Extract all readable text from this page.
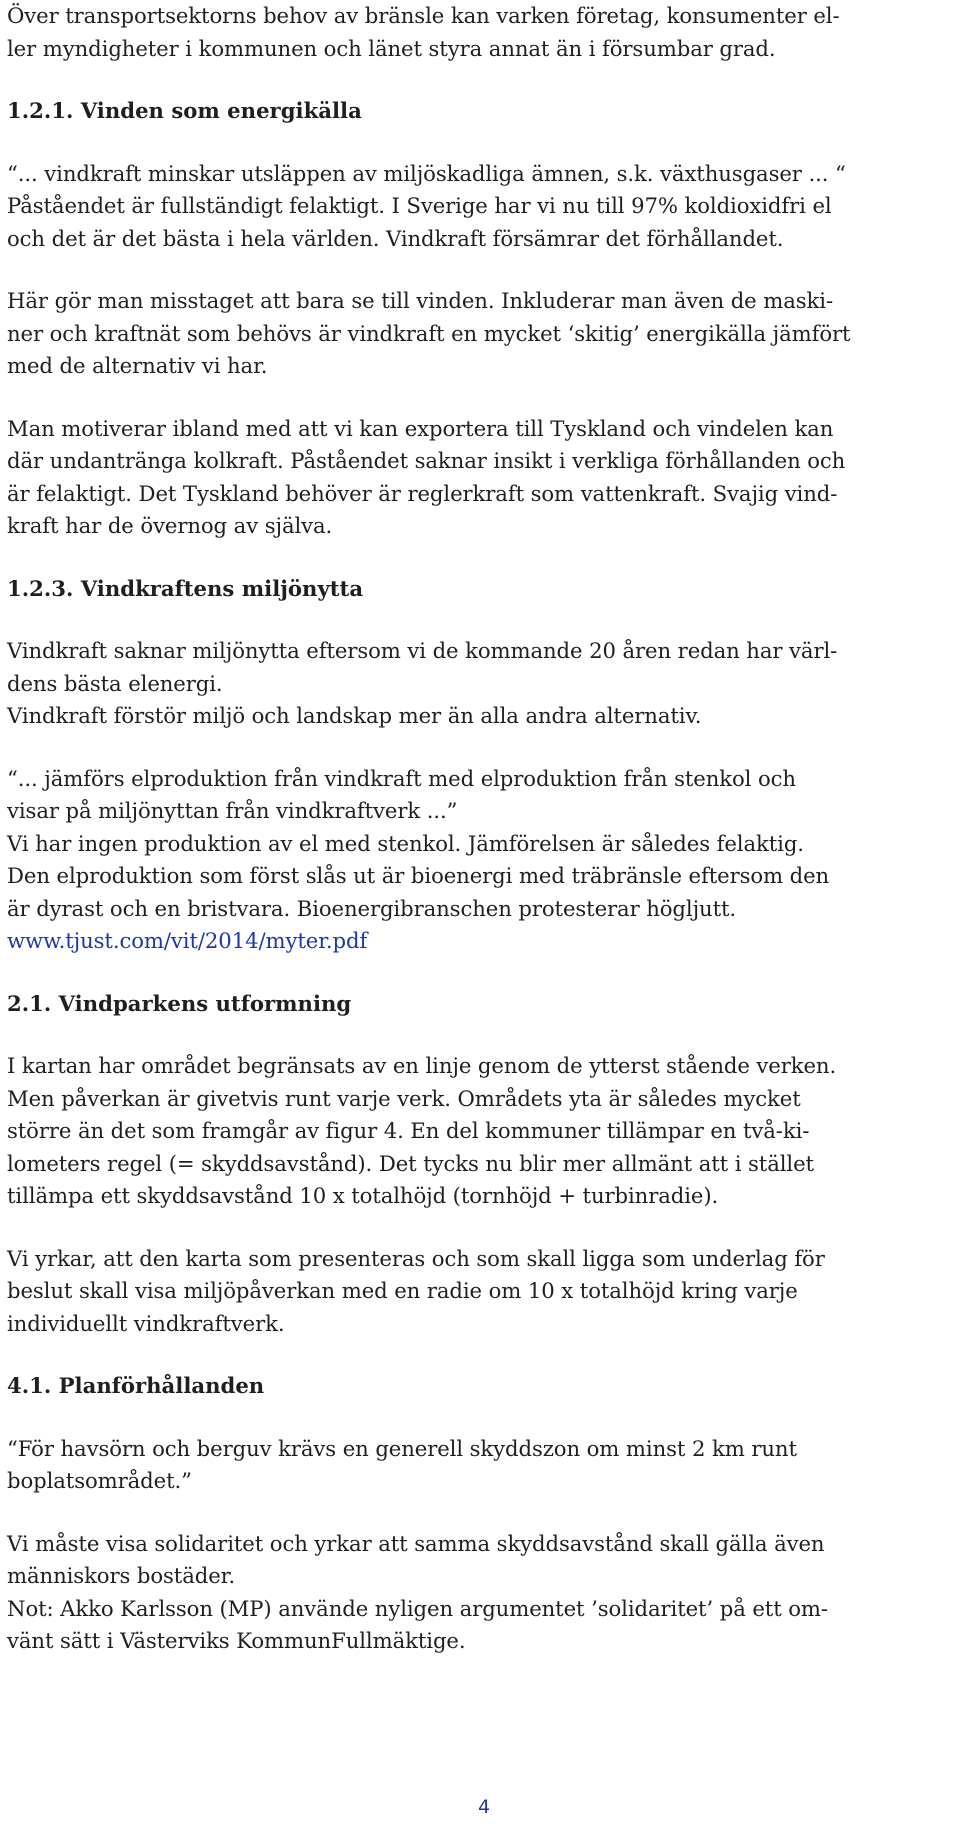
Över transportsektorns behov av bränsle kan varken företag, konsumenter el-
ler myndigheter i kommunen och länet styra annat än i försumbar grad.
1.2.1. Vinden som energikälla
“... vindkraft minskar utsläppen av miljöskadliga ämnen, s.k. växthusgaser ... “
Påståendet är fullständigt felaktigt. I Sverige har vi nu till 97% koldioxidfri el
och det är det bästa i hela världen. Vindkraft försämrar det förhållandet.
Här gör man misstaget att bara se till vinden. Inkluderar man även de maski-
ner och kraftnät som behövs är vindkraft en mycket ‘skitig’ energikälla jämfört
med de alternativ vi har.
Man motiverar ibland med att vi kan exportera till Tyskland och vindelen kan
där undantränga kolkraft. Påståendet saknar insikt i verkliga förhållanden och
är felaktigt. Det Tyskland behöver är reglerkraft som vattenkraft. Svajig vind-
kraft har de övernog av själva.
1.2.3. Vindkraftens miljönytta
Vindkraft saknar miljönytta eftersom vi de kommande 20 åren redan har värl-
dens bästa elenergi.
Vindkraft förstör miljö och landskap mer än alla andra alternativ.
“... jämförs elproduktion från vindkraft med elproduktion från stenkol och
visar på miljönyttan från vindkraftverk ...”
Vi har ingen produktion av el med stenkol. Jämförelsen är således felaktig.
Den elproduktion som först slås ut är bioenergi med träbränsle eftersom den
är dyrast och en bristvara. Bioenergibranschen protesterar högljutt.
www.tjust.com/vit/2014/myter.pdf
2.1. Vindparkens utformning
I kartan har området begränsats av en linje genom de ytterst stående verken.
Men påverkan är givetvis runt varje verk. Områdets yta är således mycket
större än det som framgår av figur 4. En del kommuner tillämpar en två-ki-
lometers regel (= skyddsavstånd). Det tycks nu blir mer allmänt att i stället
tillämpa ett skyddsavstånd 10 x totalhöjd (tornhöjd + turbinradie).
Vi yrkar, att den karta som presenteras och som skall ligga som underlag för
beslut skall visa miljöpåverkan med en radie om 10 x totalhöjd kring varje
individuellt vindkraftverk.
4.1. Planförhållanden
“För havsörn och berguv krävs en generell skyddszon om minst 2 km runt
boplatsområdet.”
Vi måste visa solidaritet och yrkar att samma skyddsavstånd skall gälla även
människors bostäder.
Not: Akko Karlsson (MP) använde nyligen argumentet ’solidaritet’ på ett om-
vänt sätt i Västerviks KommunFullmäktige.
4
